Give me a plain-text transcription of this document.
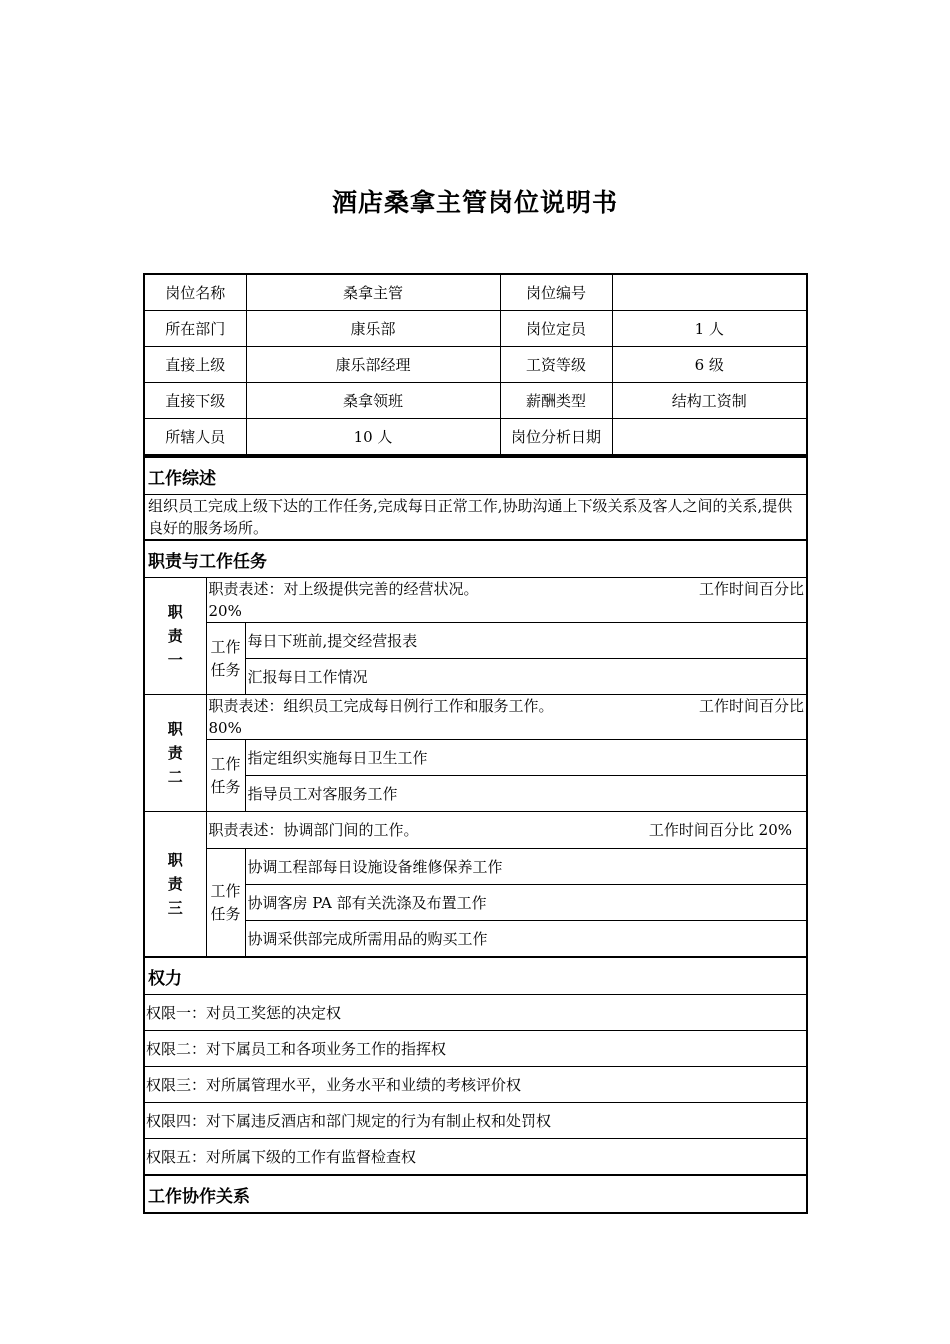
酒店桑拿主管岗位说明书
岗位名称	桑拿主管	岗位编号	
所在部门	康乐部	岗位定员	1 人
直接上级	康乐部经理	工资等级	6 级
直接下级	桑拿领班	薪酬类型	结构工资制
所辖人员	10 人	岗位分析日期	
工作综述		
组织员工完成上级下达的工作任务,完成每日正常工作,协助沟通上下级关系及客人之间的关系,提供良好的服务场所。		
职责与工作任务		

职责一	职责表述：对上级提供完善的经营状况。 工作时间百分比
20%	

	工作任务	每日下班前,提交经营报表
		汇报每日工作情况

职责二	职责表述：组织员工完成每日例行工作和服务工作。 工作时间百分比
80%	

	工作任务	指定组织实施每日卫生工作
		指导员工对客服务工作

职责三	职责表述：协调部门间的工作。 工作时间百分比 20%	

	工作任务	协调工程部每日设施设备维修保养工作
		协调客房 PA 部有关洗涤及布置工作
		协调采供部完成所需用品的购买工作
权力		
权限一：对员工奖惩的决定权		
权限二：对下属员工和各项业务工作的指挥权		
权限三：对所属管理水平，业务水平和业绩的考核评价权		
权限四：对下属违反酒店和部门规定的行为有制止权和处罚权		
权限五：对所属下级的工作有监督检查权		
工作协作关系		
